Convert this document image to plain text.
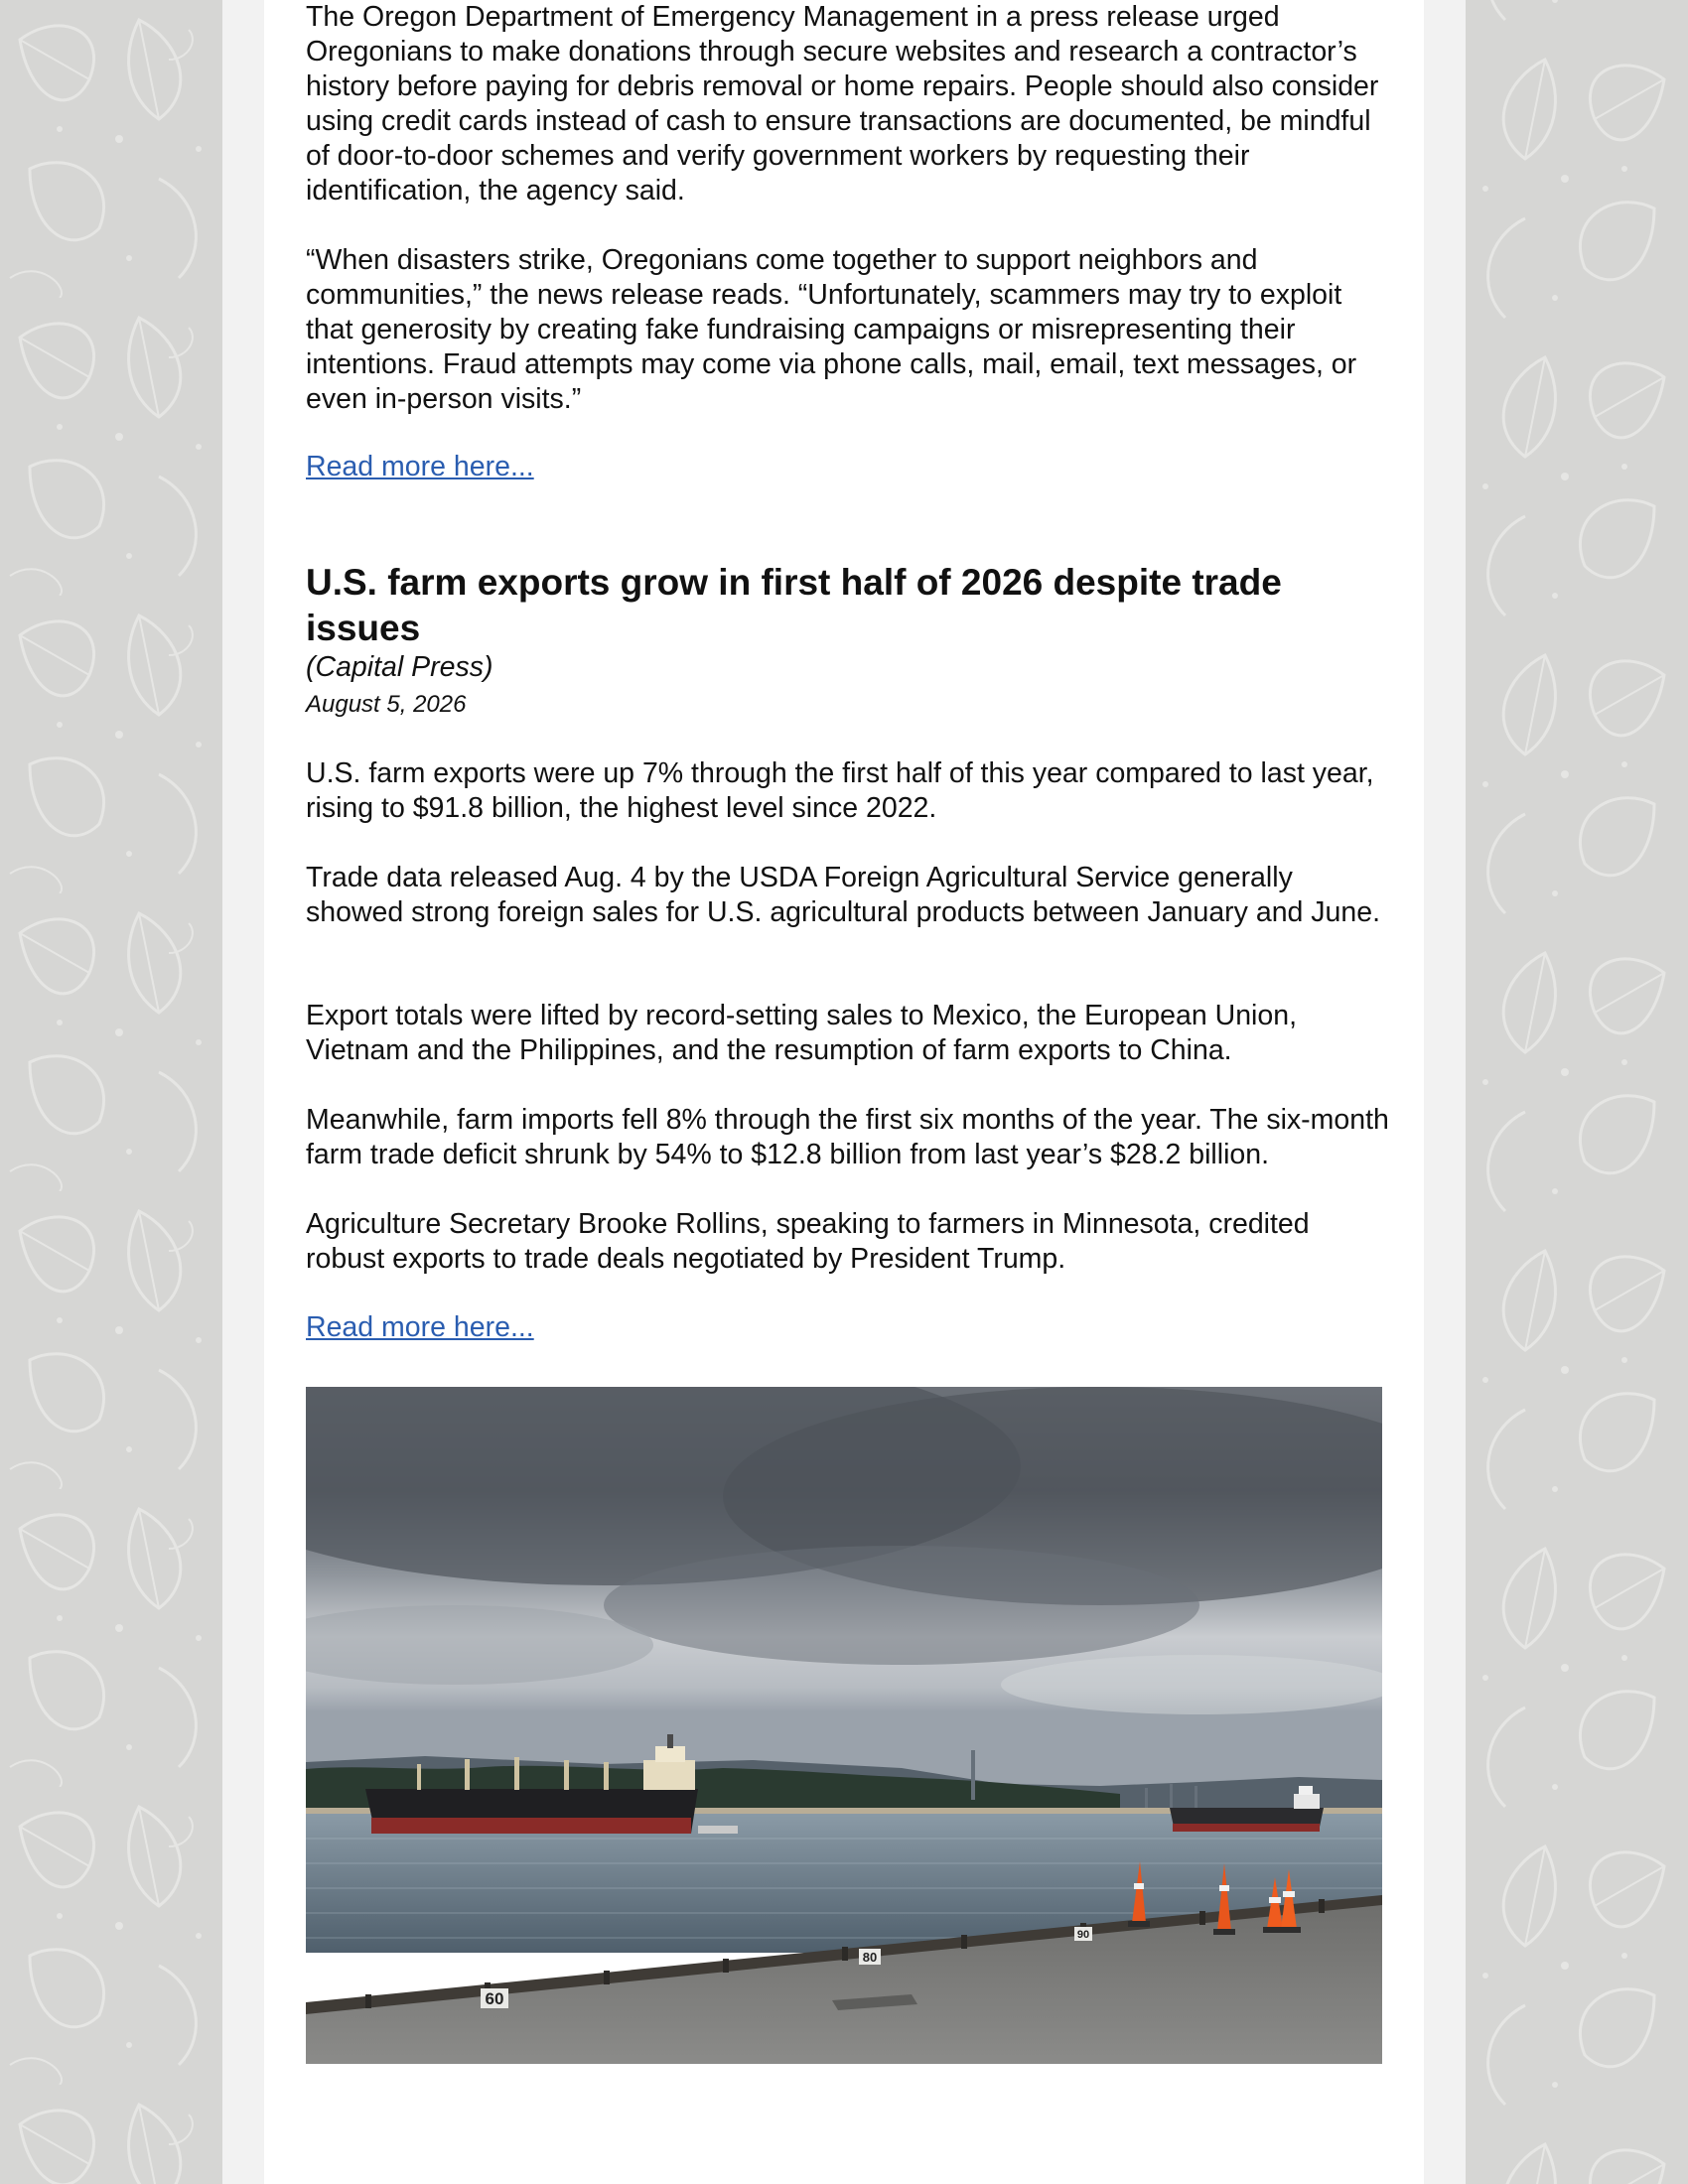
The Oregon Department of Emergency Management in a press release urged Oregonians to make donations through secure websites and research a contractor’s history before paying for debris removal or home repairs. People should also consider using credit cards instead of cash to ensure transactions are documented, be mindful of door-to-door schemes and verify government workers by requesting their identification, the agency said.

“When disasters strike, Oregonians come together to support neighbors and communities,” the news release reads. “Unfortunately, scammers may try to exploit that generosity by creating fake fundraising campaigns or misrepresenting their intentions. Fraud attempts may come via phone calls, mail, email, text messages, or even in-person visits.”

Read more here...
U.S. farm exports grow in first half of 2026 despite trade issues
(Capital Press)
August 5, 2026

U.S. farm exports were up 7% through the first half of this year compared to last year, rising to $91.8 billion, the highest level since 2022.

Trade data released Aug. 4 by the USDA Foreign Agricultural Service generally showed strong foreign sales for U.S. agricultural products between January and June.

Export totals were lifted by record-setting sales to Mexico, the European Union, Vietnam and the Philippines, and the resumption of farm exports to China.

Meanwhile, farm imports fell 8% through the first six months of the year. The six-month farm trade deficit shrunk by 54% to $12.8 billion from last year’s $28.2 billion.

Agriculture Secretary Brooke Rollins, speaking to farmers in Minnesota, credited robust exports to trade deals negotiated by President Trump.

Read more here...
60
80
90
